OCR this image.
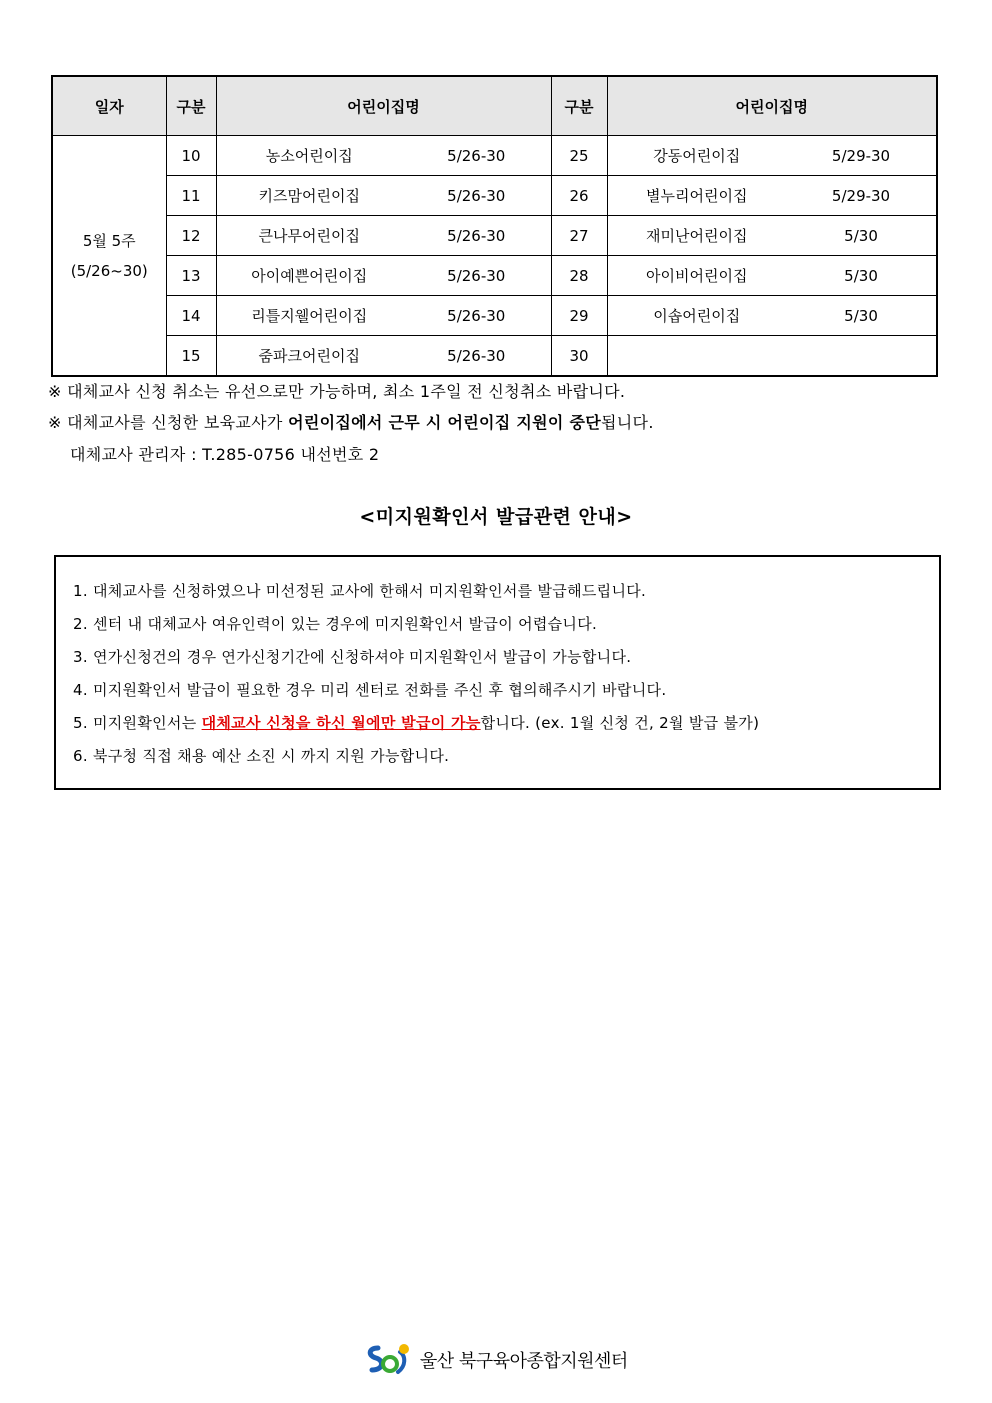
일자	구분	어린이집명		구분	어린이집명	

5월 5주
(5/26~30)	10	농소어린이집	5/26-30	25	강동어린이집	5/29-30
	11	키즈맘어린이집	5/26-30	26	별누리어린이집	5/29-30
	12	큰나무어린이집	5/26-30	27	재미난어린이집	5/30
	13	아이예쁜어린이집	5/26-30	28	아이비어린이집	5/30
	14	리틀지웰어린이집	5/26-30	29	이솝어린이집	5/30
	15	줌파크어린이집	5/26-30	30		
※ 대체교사 신청 취소는 유선으로만 가능하며, 최소 1주일 전 신청취소 바랍니다.
※ 대체교사를 신청한 보육교사가 어린이집에서 근무 시 어린이집 지원이 중단됩니다.
대체교사 관리자 : T.285-0756 내선번호 2
<미지원확인서 발급관련 안내>
1. 대체교사를 신청하였으나 미선정된 교사에 한해서 미지원확인서를 발급해드립니다.
2. 센터 내 대체교사 여유인력이 있는 경우에 미지원확인서 발급이 어렵습니다.
3. 연가신청건의 경우 연가신청기간에 신청하셔야 미지원확인서 발급이 가능합니다.
4. 미지원확인서 발급이 필요한 경우 미리 센터로 전화를 주신 후 협의해주시기 바랍니다.
5. 미지원확인서는 대체교사 신청을 하신 월에만 발급이 가능합니다. (ex. 1월 신청 건, 2월 발급 불가)
6. 북구청 직접 채용 예산 소진 시 까지 지원 가능합니다.
울산 북구육아종합지원센터
